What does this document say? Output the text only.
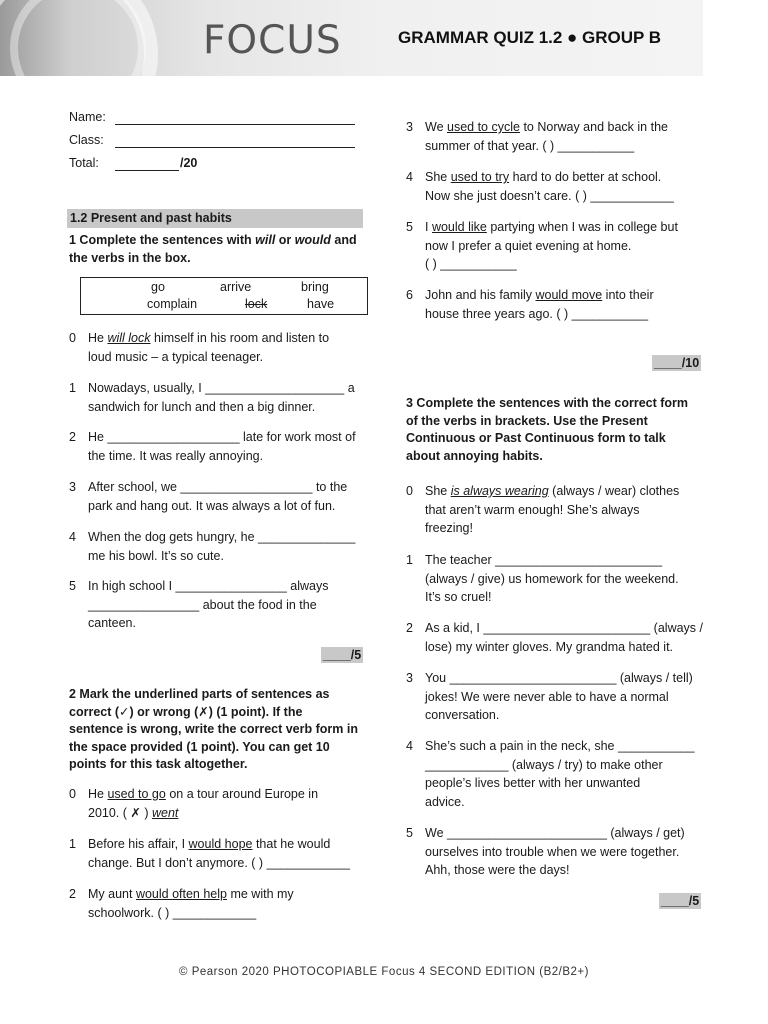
FOCUS	GRAMMAR QUIZ 1.2 ● GROUP B
Name:
Class:
Total:	/20
1.2 Present and past habits
1 Complete the sentences with will or would and
the verbs in the box.
go	arrive	bring
complain	lock	have
0 He will lock himself in his room and listen to
loud music – a typical teenager.
1 Nowadays, usually, I ____________________ a
sandwich for lunch and then a big dinner.
2 He ___________________ late for work most of
the time. It was really annoying.
3 After school, we ___________________ to the
park and hang out. It was always a lot of fun.
4 When the dog gets hungry, he ______________
me his bowl. It’s so cute.
5 In high school I ________________ always
________________ about the food in the
canteen.
____/5
2 Mark the underlined parts of sentences as
correct (✓) or wrong (✗) (1 point). If the
sentence is wrong, write the correct verb form in
the space provided (1 point). You can get 10
points for this task altogether.
0 He used to go on a tour around Europe in
2010. ( ✗ ) went
1 Before his affair, I would hope that he would
change. But I don’t anymore. ( ) ____________
2 My aunt would often help me with my
schoolwork. ( ) ____________
3 We used to cycle to Norway and back in the
summer of that year. ( ) ___________
4 She used to try hard to do better at school.
Now she just doesn’t care. ( ) ____________
5 I would like partying when I was in college but
now I prefer a quiet evening at home.
( ) ___________
6 John and his family would move into their
house three years ago. ( ) ___________
____/10
3 Complete the sentences with the correct form
of the verbs in brackets. Use the Present
Continuous or Past Continuous form to talk
about annoying habits.
0 She is always wearing (always / wear) clothes
that aren’t warm enough! She’s always
freezing!
1 The teacher ________________________
(always / give) us homework for the weekend.
It’s so cruel!
2 As a kid, I ________________________ (always /
lose) my winter gloves. My grandma hated it.
3 You ________________________ (always / tell)
jokes! We were never able to have a normal
conversation.
4 She’s such a pain in the neck, she ___________
____________ (always / try) to make other
people’s lives better with her unwanted
advice.
5 We _______________________ (always / get)
ourselves into trouble when we were together.
Ahh, those were the days!
____/5
© Pearson 2020 PHOTOCOPIABLE Focus 4 SECOND EDITION (B2/B2+)
